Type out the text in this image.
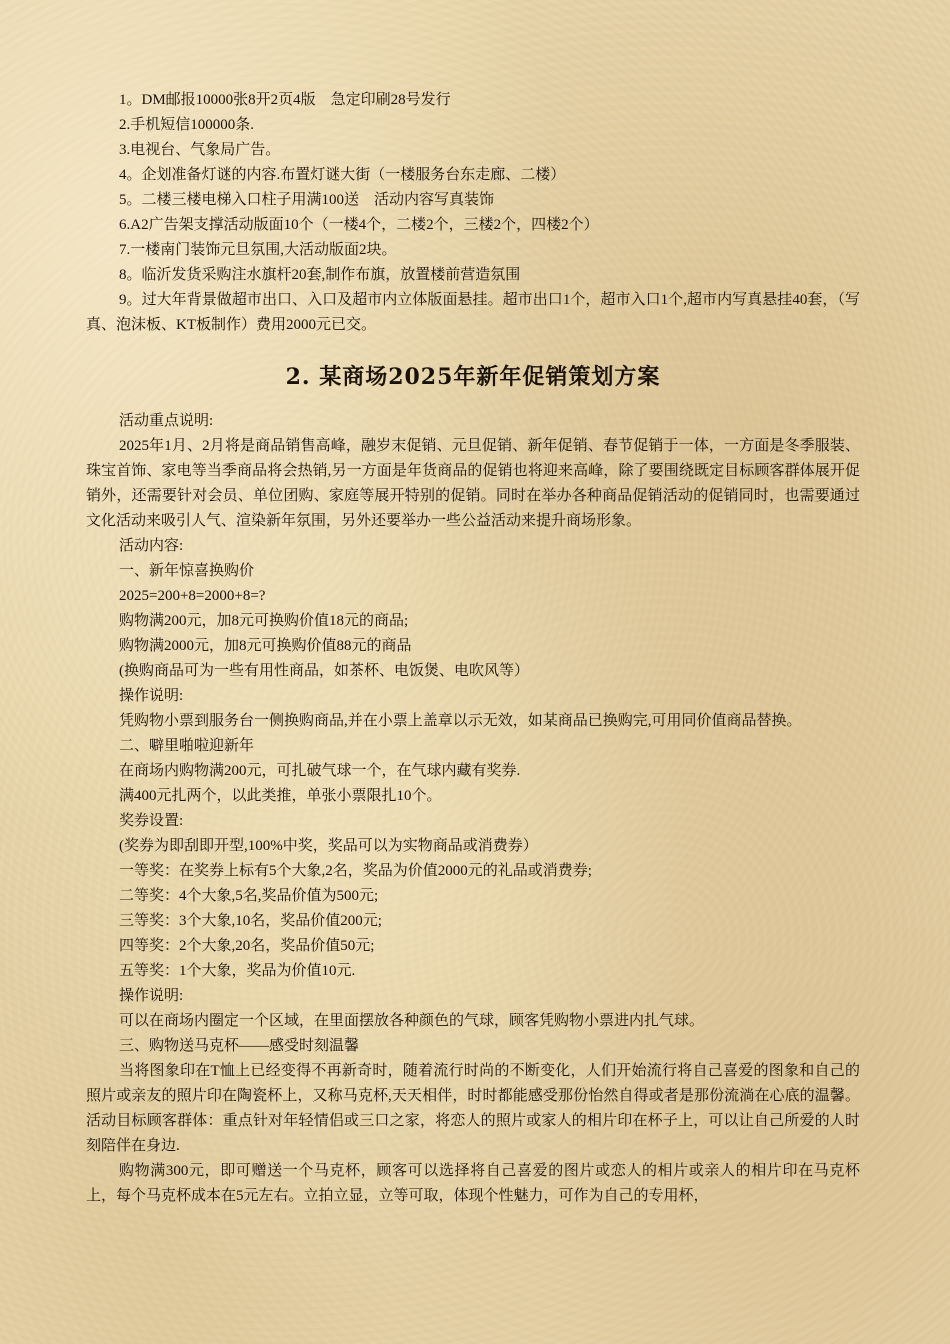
1。DM邮报10000张8开2页4版　急定印刷28号发行

2.手机短信100000条.

3.电视台、气象局广告。

4。企划准备灯谜的内容.布置灯谜大街（一楼服务台东走廊、二楼）

5。二楼三楼电梯入口柱子用满100送　活动内容写真装饰

6.A2广告架支撑活动版面10个（一楼4个，二楼2个，三楼2个，四楼2个）

7.一楼南门装饰元旦氛围,大活动版面2块。

8。临沂发货采购注水旗杆20套,制作布旗，放置楼前营造氛围

9。过大年背景做超市出口、入口及超市内立体版面悬挂。超市出口1个，超市入口1个,超市内写真悬挂40套，（写真、泡沫板、KT板制作）费用2000元已交。

2. 某商场2025年新年促销策划方案

活动重点说明:

2025年1月、2月将是商品销售高峰，融岁末促销、元旦促销、新年促销、春节促销于一体，一方面是冬季服装、珠宝首饰、家电等当季商品将会热销,另一方面是年货商品的促销也将迎来高峰，除了要围绕既定目标顾客群体展开促销外，还需要针对会员、单位团购、家庭等展开特别的促销。同时在举办各种商品促销活动的促销同时，也需要通过文化活动来吸引人气、渲染新年氛围，另外还要举办一些公益活动来提升商场形象。

活动内容:

一、新年惊喜换购价

2025=200+8=2000+8=?

购物满200元，加8元可换购价值18元的商品;

购物满2000元，加8元可换购价值88元的商品

(换购商品可为一些有用性商品，如茶杯、电饭煲、电吹风等）

操作说明:

凭购物小票到服务台一侧换购商品,并在小票上盖章以示无效，如某商品已换购完,可用同价值商品替换。

二、噼里啪啦迎新年

在商场内购物满200元，可扎破气球一个，在气球内藏有奖券.

满400元扎两个，以此类推，单张小票限扎10个。

奖券设置:

(奖券为即刮即开型,100%中奖，奖品可以为实物商品或消费券）

一等奖：在奖券上标有5个大象,2名，奖品为价值2000元的礼品或消费券;

二等奖：4个大象,5名,奖品价值为500元;

三等奖：3个大象,10名，奖品价值200元;

四等奖：2个大象,20名，奖品价值50元;

五等奖：1个大象，奖品为价值10元.

操作说明:

可以在商场内圈定一个区域，在里面摆放各种颜色的气球，顾客凭购物小票进内扎气球。

三、购物送马克杯——感受时刻温馨

当将图象印在T恤上已经变得不再新奇时，随着流行时尚的不断变化，人们开始流行将自己喜爱的图象和自己的照片或亲友的照片印在陶瓷杯上，又称马克杯,天天相伴，时时都能感受那份怡然自得或者是那份流淌在心底的温馨。活动目标顾客群体：重点针对年轻情侣或三口之家，将恋人的照片或家人的相片印在杯子上，可以让自己所爱的人时刻陪伴在身边.

购物满300元，即可赠送一个马克杯，顾客可以选择将自己喜爱的图片或恋人的相片或亲人的相片印在马克杯上，每个马克杯成本在5元左右。立拍立显，立等可取，体现个性魅力，可作为自己的专用杯，
